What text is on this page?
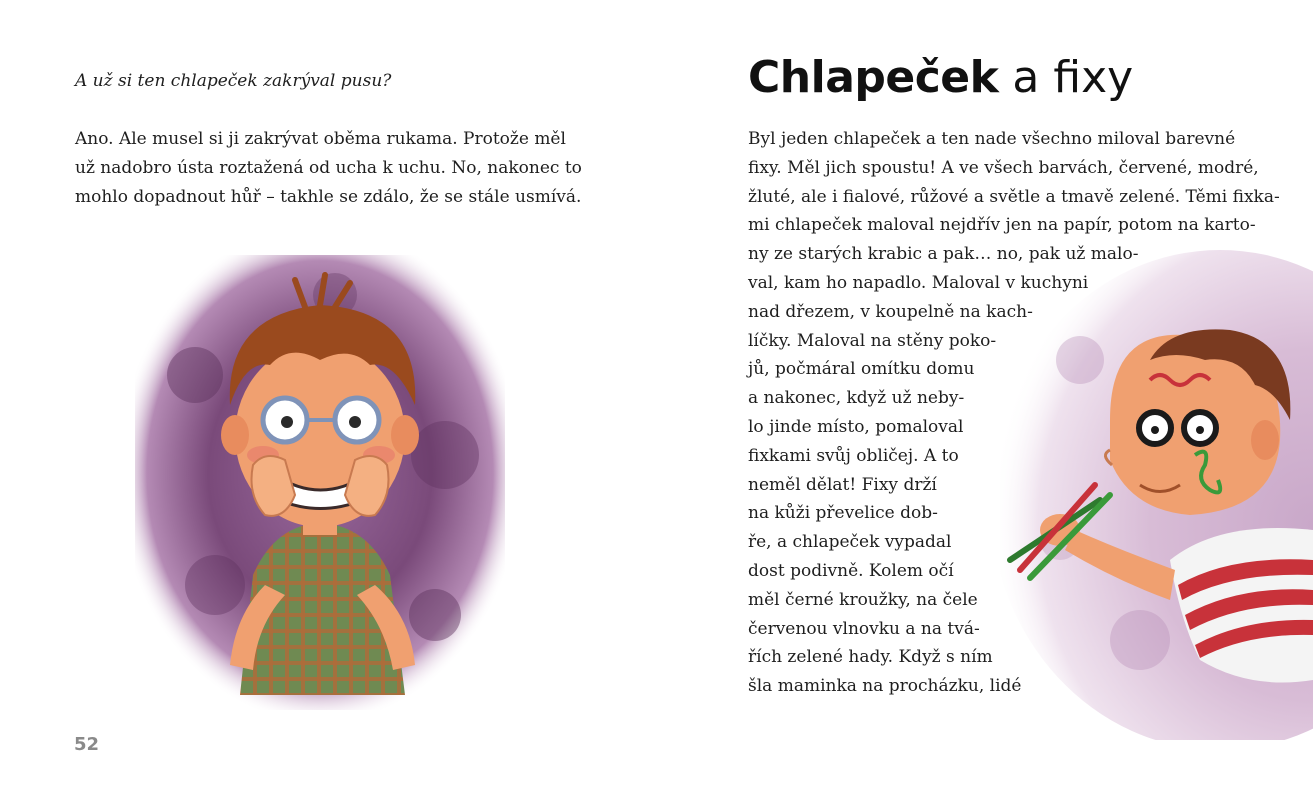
A už si ten chlapeček zakrýval pusu?
Ano. Ale musel si ji zakrývat oběma rukama. Protože měl
už nadobro ústa roztažená od ucha k uchu. No, nakonec to
mohlo dopadnout hůř – takhle se zdálo, že se stále usmívá.
52
Chlapeček a fixy
Byl jeden chlapeček a ten nade všechno miloval barevné
fixy. Měl jich spoustu! A ve všech barvách, červené, modré,
žluté, ale i fialové, růžové a světle a tmavě zelené. Těmi fixka-
mi chlapeček maloval nejdřív jen na papír, potom na karto-
ny ze starých krabic a pak… no, pak už malo-
val, kam ho napadlo. Maloval v kuchyni
nad dřezem, v koupelně na kach-
líčky. Maloval na stěny poko-
jů, počmáral omítku domu
a nakonec, když už neby-
lo jinde místo, pomaloval
fixkami svůj obličej. A to
neměl dělat! Fixy drží
na kůži převelice dob-
ře, a chlapeček vypadal
dost podivně. Kolem očí
měl černé kroužky, na čele
červenou vlnovku a na tvá-
řích zelené hady. Když s ním
šla maminka na procházku, lidé
